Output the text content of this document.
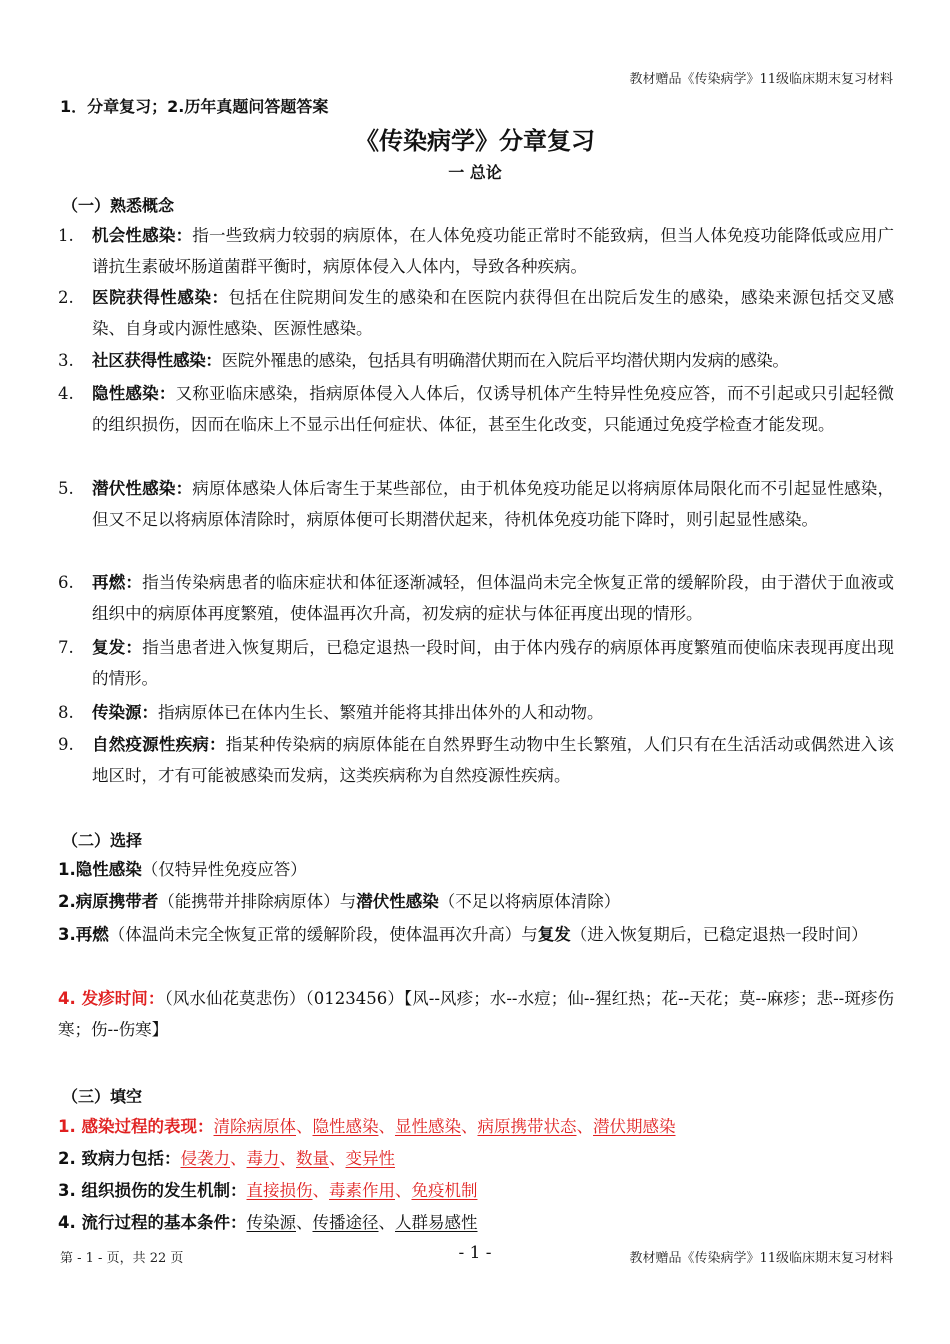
教材赠品《传染病学》11级临床期末复习材料
1．分章复习；2.历年真题问答题答案
《传染病学》分章复习
一 总论
（一）熟悉概念
1.	机会性感染：指一些致病力较弱的病原体，在人体免疫功能正常时不能致病，但当人体免疫功能降低或应用广谱抗生素破坏肠道菌群平衡时，病原体侵入人体内，导致各种疾病。
2.	医院获得性感染：包括在住院期间发生的感染和在医院内获得但在出院后发生的感染，感染来源包括交叉感染、自身或内源性感染、医源性感染。
3.	社区获得性感染：医院外罹患的感染，包括具有明确潜伏期而在入院后平均潜伏期内发病的感染。
4.	隐性感染：又称亚临床感染，指病原体侵入人体后，仅诱导机体产生特异性免疫应答，而不引起或只引起轻微的组织损伤，因而在临床上不显示出任何症状、体征，甚至生化改变，只能通过免疫学检查才能发现。
5.	潜伏性感染：病原体感染人体后寄生于某些部位，由于机体免疫功能足以将病原体局限化而不引起显性感染，但又不足以将病原体清除时，病原体便可长期潜伏起来，待机体免疫功能下降时，则引起显性感染。
6.	再燃：指当传染病患者的临床症状和体征逐渐减轻，但体温尚未完全恢复正常的缓解阶段，由于潜伏于血液或组织中的病原体再度繁殖，使体温再次升高，初发病的症状与体征再度出现的情形。
7.	复发：指当患者进入恢复期后，已稳定退热一段时间，由于体内残存的病原体再度繁殖而使临床表现再度出现的情形。
8.	传染源：指病原体已在体内生长、繁殖并能将其排出体外的人和动物。
9.	自然疫源性疾病：指某种传染病的病原体能在自然界野生动物中生长繁殖，人们只有在生活活动或偶然进入该地区时，才有可能被感染而发病，这类疾病称为自然疫源性疾病。
（二）选择
1.隐性感染（仅特异性免疫应答）
2.病原携带者（能携带并排除病原体）与潜伏性感染（不足以将病原体清除）
3.再燃（体温尚未完全恢复正常的缓解阶段，使体温再次升高）与复发（进入恢复期后，已稳定退热一段时间）
4. 发疹时间：（风水仙花莫悲伤）（0123456）【风--风疹；水--水痘；仙--猩红热；花--天花；莫--麻疹；悲--斑疹伤寒；伤--伤寒】
（三）填空
1. 感染过程的表现：清除病原体、隐性感染、显性感染、病原携带状态、潜伏期感染
2. 致病力包括：侵袭力、毒力、数量、变异性
3. 组织损伤的发生机制：直接损伤、毒素作用、免疫机制
4. 流行过程的基本条件：传染源、传播途径、人群易感性
第 - 1 - 页，共 22 页	- 1 -	教材赠品《传染病学》11级临床期末复习材料
